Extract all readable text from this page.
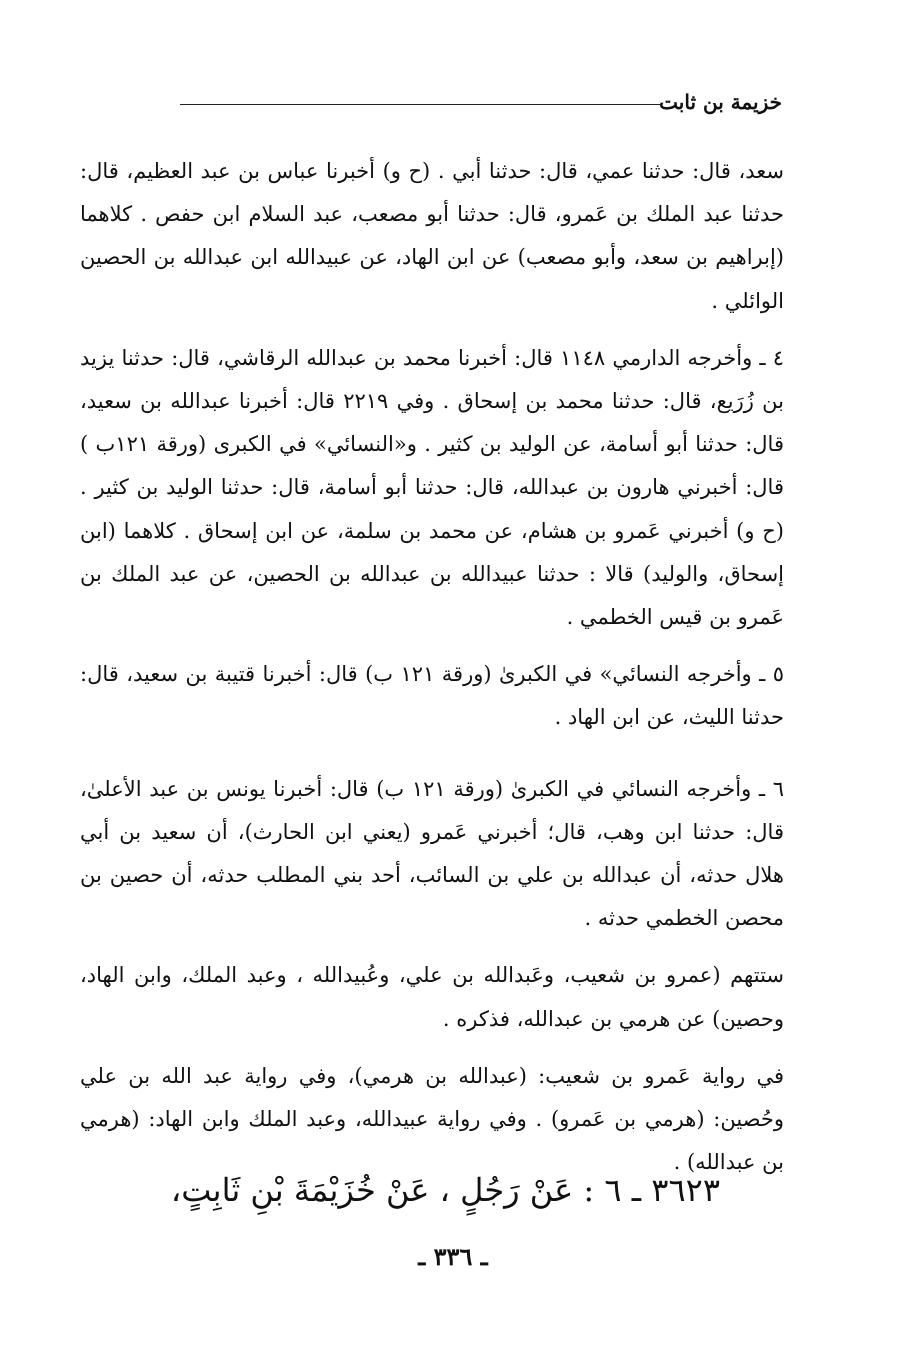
خزيمة بن ثابت

سعد، قال: حدثنا عمي، قال: حدثنا أبي . (ح و) أخبرنا عباس بن عبد العظيم، قال: حدثنا عبد الملك بن عَمرو، قال: حدثنا أبو مصعب، عبد السلام ابن حفص . كلاهما (إبراهيم بن سعد، وأبو مصعب) عن ابن الهاد، عن عبيدالله ابن عبدالله بن الحصين الوائلي .

٤ ـ وأخرجه الدارمي ١١٤٨ قال: أخبرنا محمد بن عبدالله الرقاشي، قال: حدثنا يزيد بن زُرَيع، قال: حدثنا محمد بن إسحاق . وفي ٢٢١٩ قال: أخبرنا عبدالله بن سعيد، قال: حدثنا أبو أسامة، عن الوليد بن كثير . و«النسائي» في الكبرى (ورقة ١٢١ب ) قال: أخبرني هارون بن عبدالله، قال: حدثنا أبو أسامة، قال: حدثنا الوليد بن كثير . (ح و) أخبرني عَمرو بن هشام، عن محمد بن سلمة، عن ابن إسحاق . كلاهما (ابن إسحاق، والوليد) قالا : حدثنا عبيدالله بن عبدالله بن الحصين، عن عبد الملك بن عَمرو بن قيس الخطمي .

٥ ـ وأخرجه النسائي» في الكبرىٰ (ورقة ١٢١ ب) قال: أخبرنا قتيبة بن سعيد، قال: حدثنا الليث، عن ابن الهاد .

٦ ـ وأخرجه النسائي في الكبرىٰ (ورقة ١٢١ ب) قال: أخبرنا يونس بن عبد الأعلىٰ، قال: حدثنا ابن وهب، قال؛ أخبرني عَمرو (يعني ابن الحارث)، أن سعيد بن أبي هلال حدثه، أن عبدالله بن علي بن السائب، أحد بني المطلب حدثه، أن حصين بن محصن الخطمي حدثه .

ستتهم (عمرو بن شعيب، وعَبدالله بن علي، وعُبيدالله ، وعبد الملك، وابن الهاد، وحصين) عن هرمي بن عبدالله، فذكره .

في رواية عَمرو بن شعيب: (عبدالله بن هرمي)، وفي رواية عبد الله بن علي وحُصين: (هرمي بن عَمرو) . وفي رواية عبيدالله، وعبد الملك وابن الهاد: (هرمي بن عبدالله) .

٣٦٢٣ ـ ٦ : عَنْ رَجُلٍ ، عَنْ خُزَيْمَةَ بْنِ ثَابِتٍ،
ـ ٣٣٦ ـ
